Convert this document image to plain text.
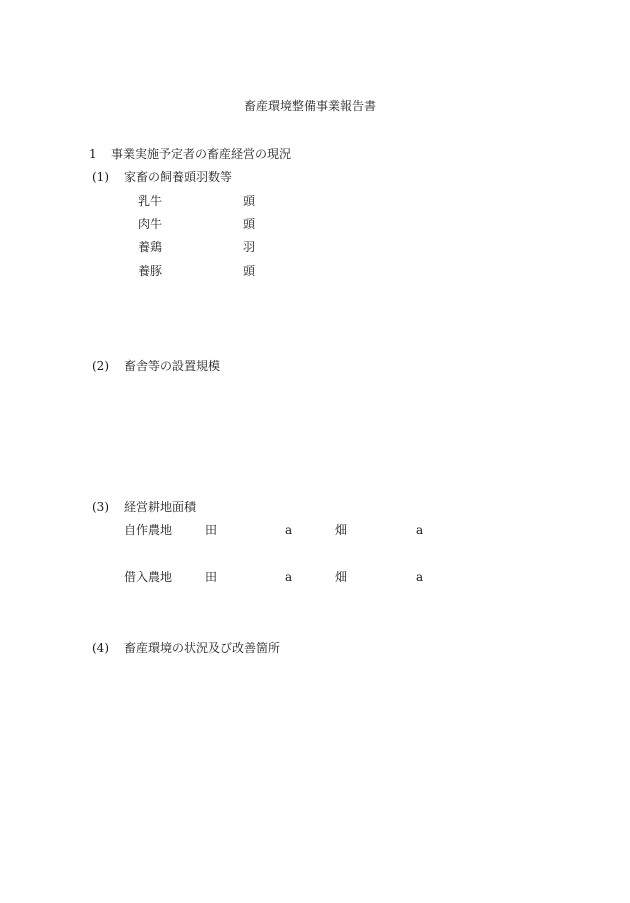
畜産環境整備事業報告書
1 事業実施予定者の畜産経営の現況
(1) 家畜の飼養頭羽数等
乳牛	頭
肉牛	頭
養鶏	羽
養豚	頭
(2) 畜舎等の設置規模
(3) 経営耕地面積
自作農地	田	a	畑	a
借入農地	田	a	畑	a
(4) 畜産環境の状況及び改善箇所
